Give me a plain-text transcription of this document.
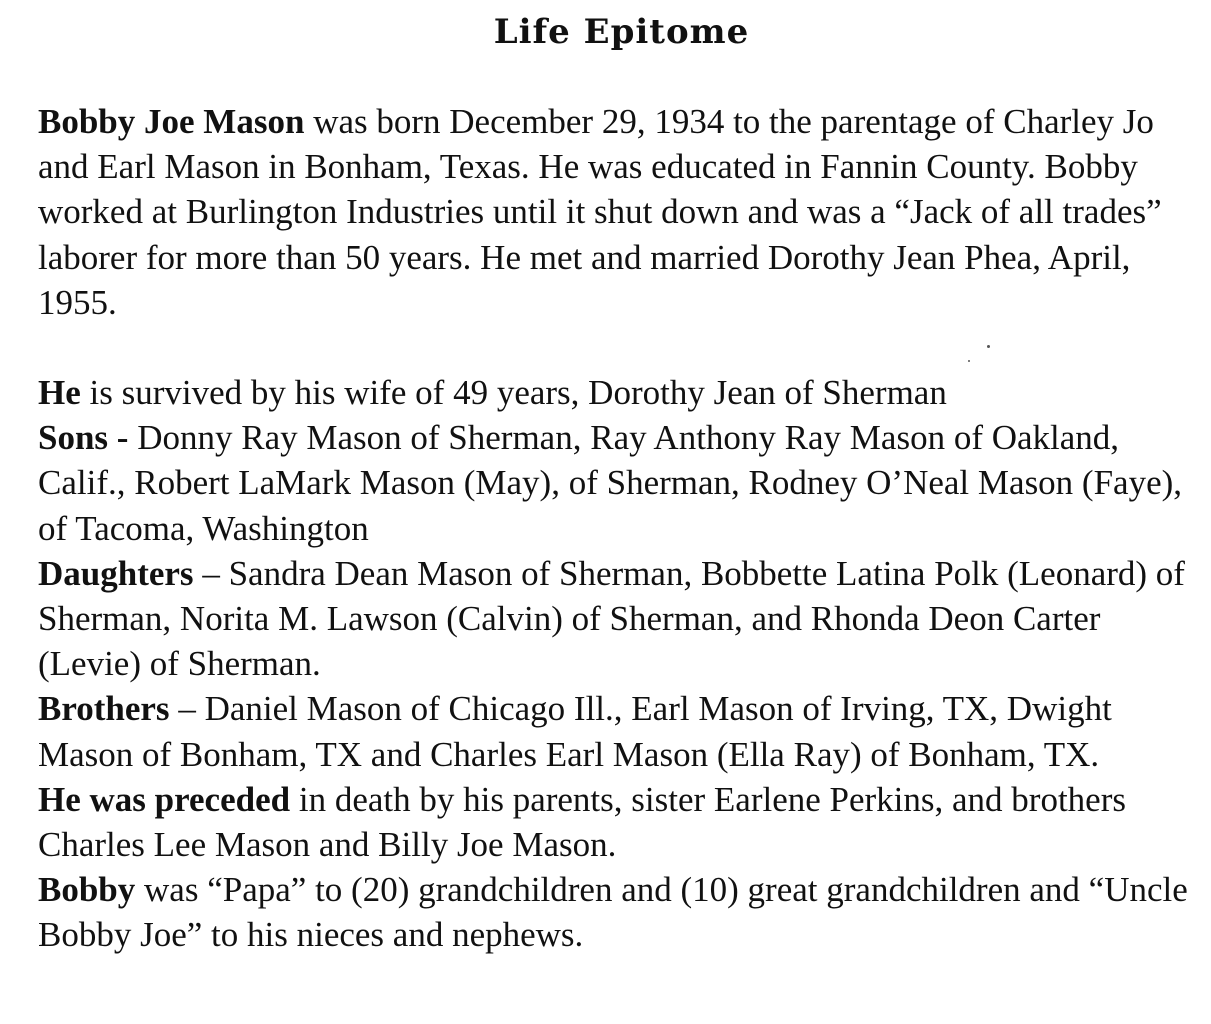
Life Epitome

Bobby Joe Mason was born December 29, 1934 to the parentage of Charley Jo and Earl Mason in Bonham, Texas. He was educated in Fannin County. Bobby worked at Burlington Industries until it shut down and was a “Jack of all trades” laborer for more than 50 years. He met and married Dorothy Jean Phea, April, 1955.

He is survived by his wife of 49 years, Dorothy Jean of Sherman

Sons - Donny Ray Mason of Sherman, Ray Anthony Ray Mason of Oakland, Calif., Robert LaMark Mason (May), of Sherman, Rodney O’Neal Mason (Faye), of Tacoma, Washington

Daughters – Sandra Dean Mason of Sherman, Bobbette Latina Polk (Leonard) of Sherman, Norita M. Lawson (Calvin) of Sherman, and Rhonda Deon Carter (Levie) of Sherman.

Brothers – Daniel Mason of Chicago Ill., Earl Mason of Irving, TX, Dwight Mason of Bonham, TX and Charles Earl Mason (Ella Ray) of Bonham, TX.

He was preceded in death by his parents, sister Earlene Perkins, and brothers Charles Lee Mason and Billy Joe Mason.

Bobby was “Papa” to (20) grandchildren and (10) great grandchildren and “Uncle Bobby Joe” to his nieces and nephews.
